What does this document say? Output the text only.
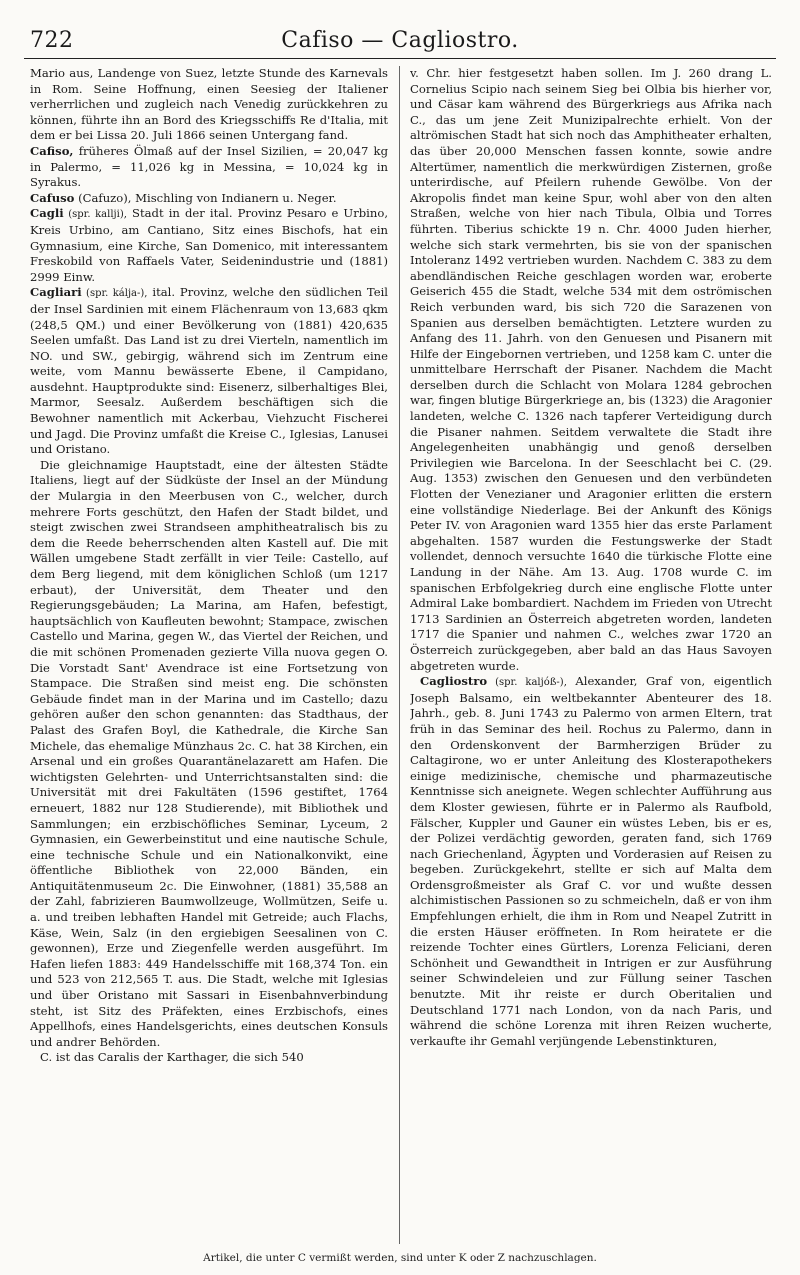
722	Cafiso — Cagliostro.

Mario aus, Landenge von Suez, letzte Stunde des Karnevals in Rom. Seine Hoffnung, einen Seesieg der Italiener verherrlichen und zugleich nach Venedig zurückkehren zu können, führte ihn an Bord des Kriegsschiffs Re d'Italia, mit dem er bei Lissa 20. Juli 1866 seinen Untergang fand.

Cafiso, früheres Ölmaß auf der Insel Sizilien, = 20,047 kg in Palermo, = 11,026 kg in Messina, = 10,024 kg in Syrakus.

Cafuso (Cafuzo), Mischling von Indianern u. Neger.

Cagli (spr. kallji), Stadt in der ital. Provinz Pesaro e Urbino, Kreis Urbino, am Cantiano, Sitz eines Bischofs, hat ein Gymnasium, eine Kirche, San Domenico, mit interessantem Freskobild von Raffaels Vater, Seidenindustrie und (1881) 2999 Einw.

Cagliari (spr. kálja-), ital. Provinz, welche den südlichen Teil der Insel Sardinien mit einem Flächenraum von 13,683 qkm (248,5 QM.) und einer Bevölkerung von (1881) 420,635 Seelen umfaßt. Das Land ist zu drei Vierteln, namentlich im NO. und SW., gebirgig, während sich im Zentrum eine weite, vom Mannu bewässerte Ebene, il Campidano, ausdehnt. Hauptprodukte sind: Eisenerz, silberhaltiges Blei, Marmor, Seesalz. Außerdem beschäftigen sich die Bewohner namentlich mit Ackerbau, Viehzucht Fischerei und Jagd. Die Provinz umfaßt die Kreise C., Iglesias, Lanusei und Oristano.

Die gleichnamige Hauptstadt, eine der ältesten Städte Italiens, liegt auf der Südküste der Insel an der Mündung der Mulargia in den Meerbusen von C., welcher, durch mehrere Forts geschützt, den Hafen der Stadt bildet, und steigt zwischen zwei Strandseen amphitheatralisch bis zu dem die Reede beherrschenden alten Kastell auf. Die mit Wällen umgebene Stadt zerfällt in vier Teile: Castello, auf dem Berg liegend, mit dem königlichen Schloß (um 1217 erbaut), der Universität, dem Theater und den Regierungsgebäuden; La Marina, am Hafen, befestigt, hauptsächlich von Kaufleuten bewohnt; Stampace, zwischen Castello und Marina, gegen W., das Viertel der Reichen, und die mit schönen Promenaden gezierte Villa nuova gegen O. Die Vorstadt Sant' Avendrace ist eine Fortsetzung von Stampace. Die Straßen sind meist eng. Die schönsten Gebäude findet man in der Marina und im Castello; dazu gehören außer den schon genannten: das Stadthaus, der Palast des Grafen Boyl, die Kathedrale, die Kirche San Michele, das ehemalige Münzhaus 2c. C. hat 38 Kirchen, ein Arsenal und ein großes Quarantänelazarett am Hafen. Die wichtigsten Gelehrten- und Unterrichtsanstalten sind: die Universität mit drei Fakultäten (1596 gestiftet, 1764 erneuert, 1882 nur 128 Studierende), mit Bibliothek und Sammlungen; ein erzbischöfliches Seminar, Lyceum, 2 Gymnasien, ein Gewerbeinstitut und eine nautische Schule, eine technische Schule und ein Nationalkonvikt, eine öffentliche Bibliothek von 22,000 Bänden, ein Antiquitätenmuseum 2c. Die Einwohner, (1881) 35,588 an der Zahl, fabrizieren Baumwollzeuge, Wollmützen, Seife u. a. und treiben lebhaften Handel mit Getreide; auch Flachs, Käse, Wein, Salz (in den ergiebigen Seesalinen von C. gewonnen), Erze und Ziegenfelle werden ausgeführt. Im Hafen liefen 1883: 449 Handelsschiffe mit 168,374 Ton. ein und 523 von 212,565 T. aus. Die Stadt, welche mit Iglesias und über Oristano mit Sassari in Eisenbahnverbindung steht, ist Sitz des Präfekten, eines Erzbischofs, eines Appellhofs, eines Handelsgerichts, eines deutschen Konsuls und andrer Behörden.

C. ist das Caralis der Karthager, die sich 540

v. Chr. hier festgesetzt haben sollen. Im J. 260 drang L. Cornelius Scipio nach seinem Sieg bei Olbia bis hierher vor, und Cäsar kam während des Bürgerkriegs aus Afrika nach C., das um jene Zeit Munizipalrechte erhielt. Von der altrömischen Stadt hat sich noch das Amphitheater erhalten, das über 20,000 Menschen fassen konnte, sowie andre Altertümer, namentlich die merkwürdigen Zisternen, große unterirdische, auf Pfeilern ruhende Gewölbe. Von der Akropolis findet man keine Spur, wohl aber von den alten Straßen, welche von hier nach Tibula, Olbia und Torres führten. Tiberius schickte 19 n. Chr. 4000 Juden hierher, welche sich stark vermehrten, bis sie von der spanischen Intoleranz 1492 vertrieben wurden. Nachdem C. 383 zu dem abendländischen Reiche geschlagen worden war, eroberte Geiserich 455 die Stadt, welche 534 mit dem oströmischen Reich verbunden ward, bis sich 720 die Sarazenen von Spanien aus derselben bemächtigten. Letztere wurden zu Anfang des 11. Jahrh. von den Genuesen und Pisanern mit Hilfe der Eingebornen vertrieben, und 1258 kam C. unter die unmittelbare Herrschaft der Pisaner. Nachdem die Macht derselben durch die Schlacht von Molara 1284 gebrochen war, fingen blutige Bürgerkriege an, bis (1323) die Aragonier landeten, welche C. 1326 nach tapferer Verteidigung durch die Pisaner nahmen. Seitdem verwaltete die Stadt ihre Angelegenheiten unabhängig und genoß derselben Privilegien wie Barcelona. In der Seeschlacht bei C. (29. Aug. 1353) zwischen den Genuesen und den verbündeten Flotten der Venezianer und Aragonier erlitten die erstern eine vollständige Niederlage. Bei der Ankunft des Königs Peter IV. von Aragonien ward 1355 hier das erste Parlament abgehalten. 1587 wurden die Festungswerke der Stadt vollendet, dennoch versuchte 1640 die türkische Flotte eine Landung in der Nähe. Am 13. Aug. 1708 wurde C. im spanischen Erbfolgekrieg durch eine englische Flotte unter Admiral Lake bombardiert. Nachdem im Frieden von Utrecht 1713 Sardinien an Österreich abgetreten worden, landeten 1717 die Spanier und nahmen C., welches zwar 1720 an Österreich zurückgegeben, aber bald an das Haus Savoyen abgetreten wurde.

Cagliostro (spr. kaljóß-), Alexander, Graf von, eigentlich Joseph Balsamo, ein weltbekannter Abenteurer des 18. Jahrh., geb. 8. Juni 1743 zu Palermo von armen Eltern, trat früh in das Seminar des heil. Rochus zu Palermo, dann in den Ordenskonvent der Barmherzigen Brüder zu Caltagirone, wo er unter Anleitung des Klosterapothekers einige medizinische, chemische und pharmazeutische Kenntnisse sich aneignete. Wegen schlechter Aufführung aus dem Kloster gewiesen, führte er in Palermo als Raufbold, Fälscher, Kuppler und Gauner ein wüstes Leben, bis er es, der Polizei verdächtig geworden, geraten fand, sich 1769 nach Griechenland, Ägypten und Vorderasien auf Reisen zu begeben. Zurückgekehrt, stellte er sich auf Malta dem Ordensgroßmeister als Graf C. vor und wußte dessen alchimistischen Passionen so zu schmeicheln, daß er von ihm Empfehlungen erhielt, die ihm in Rom und Neapel Zutritt in die ersten Häuser eröffneten. In Rom heiratete er die reizende Tochter eines Gürtlers, Lorenza Feliciani, deren Schönheit und Gewandtheit in Intrigen er zur Ausführung seiner Schwindeleien und zur Füllung seiner Taschen benutzte. Mit ihr reiste er durch Oberitalien und Deutschland 1771 nach London, von da nach Paris, und während die schöne Lorenza mit ihren Reizen wucherte, verkaufte ihr Gemahl verjüngende Lebenstinkturen,

Artikel, die unter C vermißt werden, sind unter K oder Z nachzuschlagen.
